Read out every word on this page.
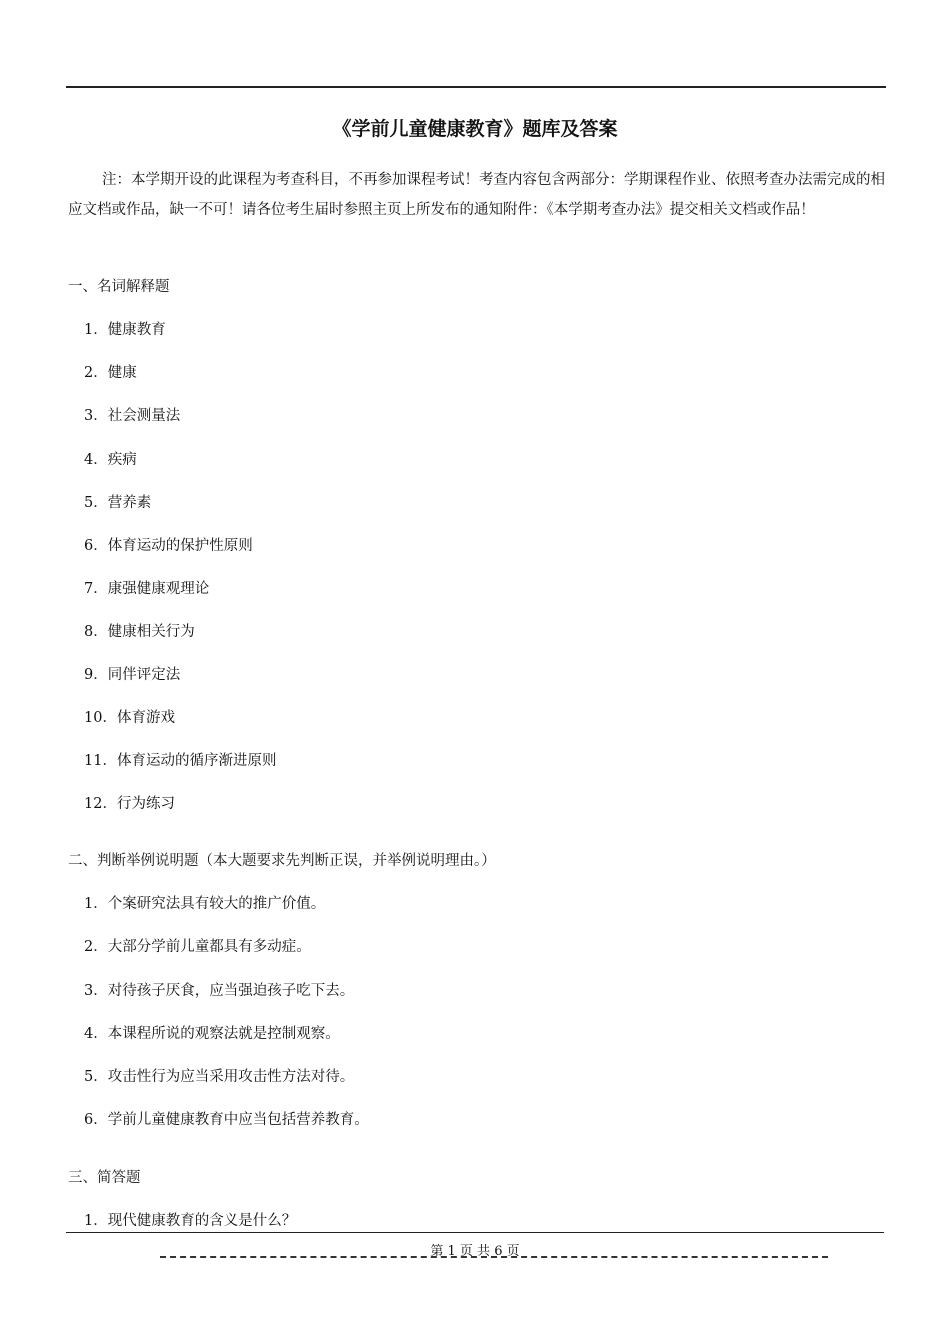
《学前儿童健康教育》题库及答案
注：本学期开设的此课程为考查科目，不再参加课程考试！考查内容包含两部分：学期课程作业、依照考查办法需完成的相应文档或作品，缺一不可！请各位考生届时参照主页上所发布的通知附件：《本学期考查办法》提交相关文档或作品！
一、名词解释题
1．健康教育
2．健康
3．社会测量法
4．疾病
5．营养素
6．体育运动的保护性原则
7．康强健康观理论
8．健康相关行为
9．同伴评定法
10．体育游戏
11．体育运动的循序渐进原则
12．行为练习
二、判断举例说明题（本大题要求先判断正误，并举例说明理由。）
1．个案研究法具有较大的推广价值。
2．大部分学前儿童都具有多动症。
3．对待孩子厌食，应当强迫孩子吃下去。
4．本课程所说的观察法就是控制观察。
5．攻击性行为应当采用攻击性方法对待。
6．学前儿童健康教育中应当包括营养教育。
三、简答题
1．现代健康教育的含义是什么？
第 1 页 共 6 页
